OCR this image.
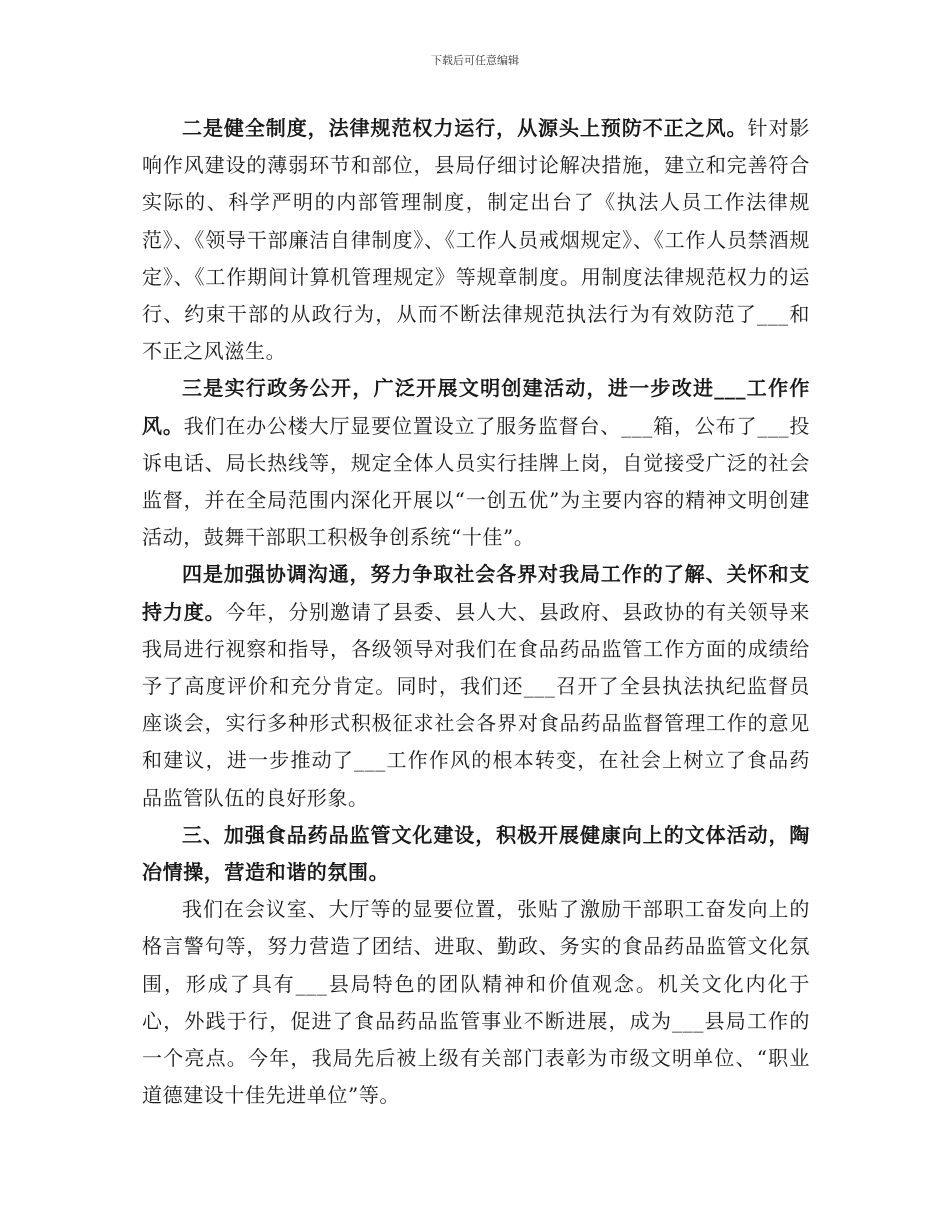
下载后可任意编辑

二是健全制度，法律规范权力运行，从源头上预防不正之风。针对影响作风建设的薄弱环节和部位，县局仔细讨论解决措施，建立和完善符合实际的、科学严明的内部管理制度，制定出台了《执法人员工作法律规范》、《领导干部廉洁自律制度》、《工作人员戒烟规定》、《工作人员禁酒规定》、《工作期间计算机管理规定》等规章制度。用制度法律规范权力的运行、约束干部的从政行为，从而不断法律规范执法行为有效防范了___和不正之风滋生。

三是实行政务公开，广泛开展文明创建活动，进一步改进___工作作风。我们在办公楼大厅显要位置设立了服务监督台、___箱，公布了___投诉电话、局长热线等，规定全体人员实行挂牌上岗，自觉接受广泛的社会监督，并在全局范围内深化开展以“一创五优”为主要内容的精神文明创建活动，鼓舞干部职工积极争创系统“十佳”。

四是加强协调沟通，努力争取社会各界对我局工作的了解、关怀和支持力度。今年，分别邀请了县委、县人大、县政府、县政协的有关领导来我局进行视察和指导，各级领导对我们在食品药品监管工作方面的成绩给予了高度评价和充分肯定。同时，我们还___召开了全县执法执纪监督员座谈会，实行多种形式积极征求社会各界对食品药品监督管理工作的意见和建议，进一步推动了___工作作风的根本转变，在社会上树立了食品药品监管队伍的良好形象。

三、加强食品药品监管文化建设，积极开展健康向上的文体活动，陶冶情操，营造和谐的氛围。

我们在会议室、大厅等的显要位置，张贴了激励干部职工奋发向上的格言警句等，努力营造了团结、进取、勤政、务实的食品药品监管文化氛围，形成了具有___县局特色的团队精神和价值观念。机关文化内化于心，外践于行，促进了食品药品监管事业不断进展，成为___县局工作的一个亮点。今年，我局先后被上级有关部门表彰为市级文明单位、“职业道德建设十佳先进单位”等。
